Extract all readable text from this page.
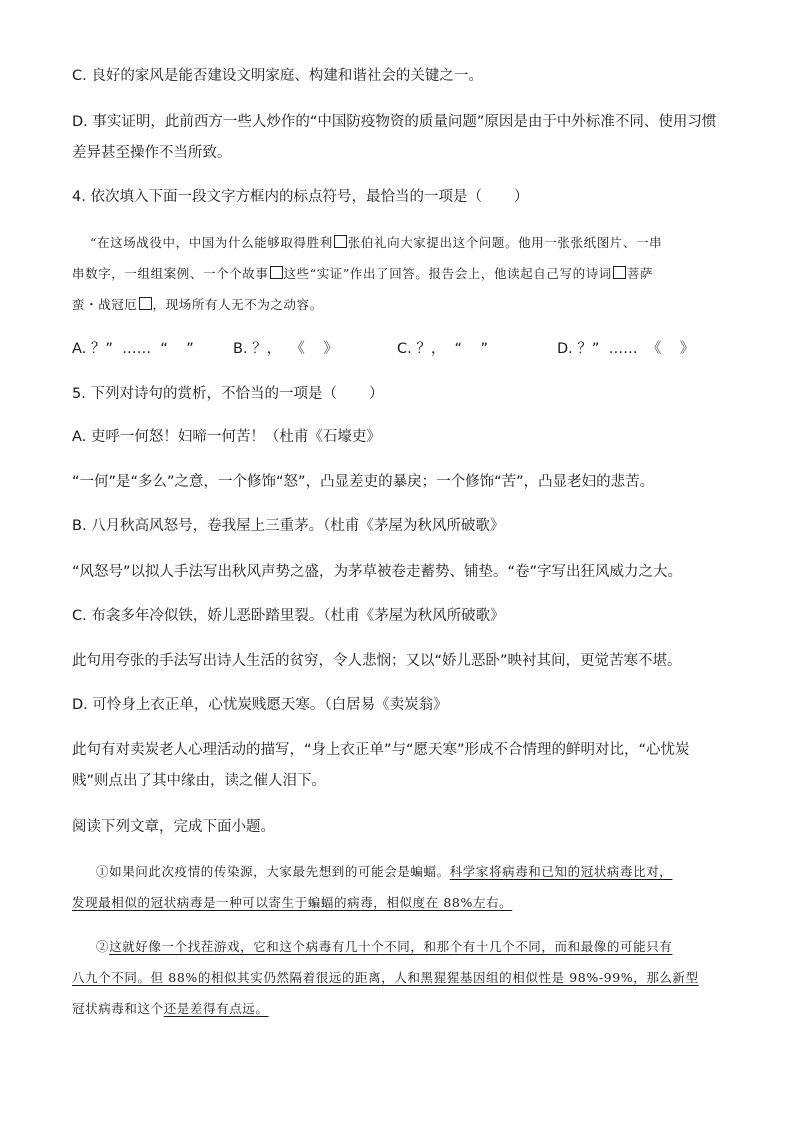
C. 良好的家风是能否建设文明家庭、构建和谐社会的关键之一。
D. 事实证明，此前西方一些人炒作的“中国防疫物资的质量问题”原因是由于中外标准不同、使用习惯
差异甚至操作不当所致。
4. 依次填入下面一段文字方框内的标点符号，最恰当的一项是（ ）
“在这场战役中，中国为什么能够取得胜利 张伯礼向大家提出这个问题。他用一张张纸图片、一串
串数字，一组组案例、一个个故事 这些“实证”作出了回答。报告会上，他读起自己写的诗词 菩萨
蛮・战冠厄 ，现场所有人无不为之动容。
A. ？”  ……  “    ”	B. ？，  《    》	C. ？，  “    ”	D. ？”  ……  《    》
5. 下列对诗句的赏析，不恰当的一项是（ ）
A. 吏呼一何怒！妇啼一何苦！（杜甫《石壕吏》
“一何”是“多么”之意，一个修饰“怒”，凸显差吏的暴戾；一个修饰“苦”，凸显老妇的悲苦。
B. 八月秋高风怒号，卷我屋上三重茅。（杜甫《茅屋为秋风所破歌》
“风怒号”以拟人手法写出秋风声势之盛，为茅草被卷走蓄势、铺垫。“卷”字写出狂风威力之大。
C. 布衾多年冷似铁，娇儿恶卧踏里裂。（杜甫《茅屋为秋风所破歌》
此句用夸张的手法写出诗人生活的贫穷，令人悲悯；又以“娇儿恶卧”映衬其间，更觉苦寒不堪。
D. 可怜身上衣正单，心忧炭贱愿天寒。（白居易《卖炭翁》
此句有对卖炭老人心理活动的描写，“身上衣正单”与“愿天寒”形成不合情理的鲜明对比，“心忧炭
贱”则点出了其中缘由，读之催人泪下。
阅读下列文章，完成下面小题。
①如果问此次疫情的传染源，大家最先想到的可能会是蝙蝠。科学家将病毒和已知的冠状病毒比对，
发现最相似的冠状病毒是一种可以寄生于蝙蝠的病毒，相似度在 88%左右。
②这就好像一个找茬游戏，它和这个病毒有几十个不同，和那个有十几个不同，而和最像的可能只有
八九个不同。但 88%的相似其实仍然隔着很远的距离，人和黑猩猩基因组的相似性是 98%-99%，那么新型
冠状病毒和这个还是差得有点远。
